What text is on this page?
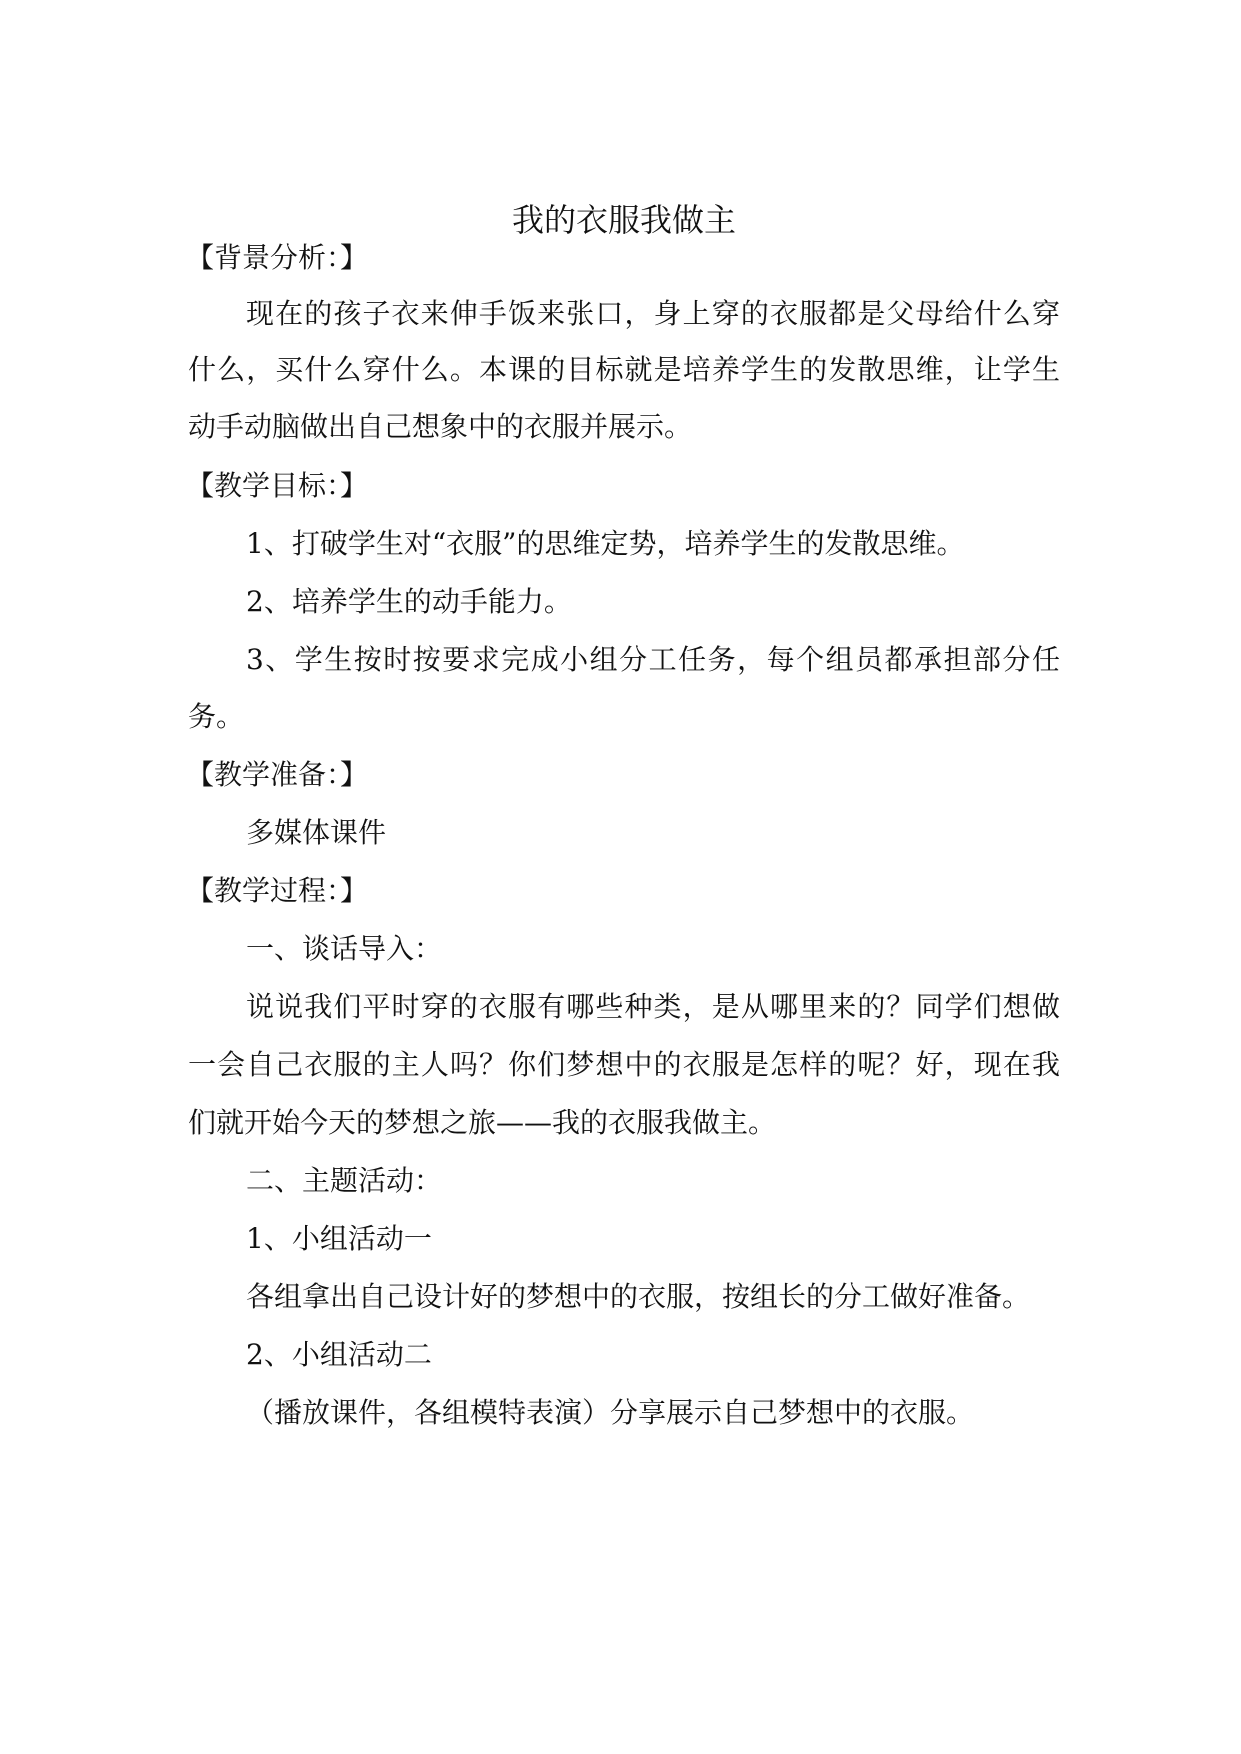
我的衣服我做主
【背景分析：】
现在的孩子衣来伸手饭来张口，身上穿的衣服都是父母给什么穿
什么，买什么穿什么。本课的目标就是培养学生的发散思维，让学生
动手动脑做出自己想象中的衣服并展示。
【教学目标：】
1、打破学生对“衣服”的思维定势，培养学生的发散思维。
2、培养学生的动手能力。
3、学生按时按要求完成小组分工任务，每个组员都承担部分任
务。
【教学准备：】
多媒体课件
【教学过程：】
一、谈话导入：
说说我们平时穿的衣服有哪些种类，是从哪里来的？同学们想做
一会自己衣服的主人吗？你们梦想中的衣服是怎样的呢？好，现在我
们就开始今天的梦想之旅——我的衣服我做主。
二、主题活动：
1、小组活动一
各组拿出自己设计好的梦想中的衣服，按组长的分工做好准备。
2、小组活动二
（播放课件，各组模特表演）分享展示自己梦想中的衣服。
